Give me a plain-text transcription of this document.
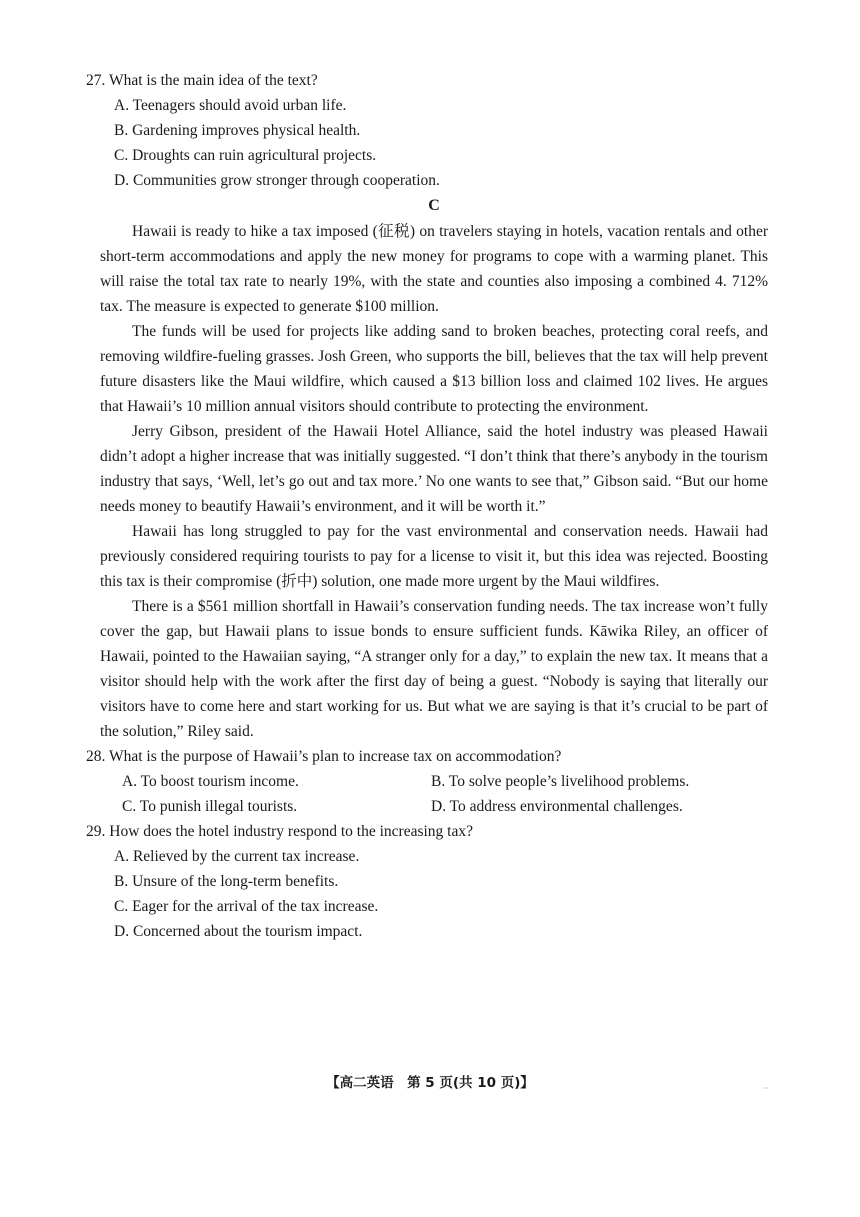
27. What is the main idea of the text?
A. Teenagers should avoid urban life.
B. Gardening improves physical health.
C. Droughts can ruin agricultural projects.
D. Communities grow stronger through cooperation.
C

Hawaii is ready to hike a tax imposed (征税) on travelers staying in hotels, vacation rentals and other short-term accommodations and apply the new money for programs to cope with a warming planet. This will raise the total tax rate to nearly 19%, with the state and counties also imposing a combined 4. 712% tax. The measure is expected to generate $100 million.

The funds will be used for projects like adding sand to broken beaches, protecting coral reefs, and removing wildfire-fueling grasses. Josh Green, who supports the bill, believes that the tax will help prevent future disasters like the Maui wildfire, which caused a $13 billion loss and claimed 102 lives. He argues that Hawaii’s 10 million annual visitors should contribute to protecting the environment.

Jerry Gibson, president of the Hawaii Hotel Alliance, said the hotel industry was pleased Hawaii didn’t adopt a higher increase that was initially suggested. “I don’t think that there’s anybody in the tourism industry that says, ‘Well, let’s go out and tax more.’ No one wants to see that,” Gibson said. “But our home needs money to beautify Hawaii’s environment, and it will be worth it.”

Hawaii has long struggled to pay for the vast environmental and conservation needs. Hawaii had previously considered requiring tourists to pay for a license to visit it, but this idea was rejected. Boosting this tax is their compromise (折中) solution, one made more urgent by the Maui wildfires.

There is a $561 million shortfall in Hawaii’s conservation funding needs. The tax increase won’t fully cover the gap, but Hawaii plans to issue bonds to ensure sufficient funds. Kāwika Riley, an officer of Hawaii, pointed to the Hawaiian saying, “A stranger only for a day,” to explain the new tax. It means that a visitor should help with the work after the first day of being a guest. “Nobody is saying that literally our visitors have to come here and start working for us. But what we are saying is that it’s crucial to be part of the solution,” Riley said.

28. What is the purpose of Hawaii’s plan to increase tax on accommodation?
A. To boost tourism income.	B. To solve people’s livelihood problems.
C. To punish illegal tourists.	D. To address environmental challenges.
29. How does the hotel industry respond to the increasing tax?
A. Relieved by the current tax increase.
B. Unsure of the long-term benefits.
C. Eager for the arrival of the tax increase.
D. Concerned about the tourism impact.
【高二英语　第 5 页(共 10 页)】	··
